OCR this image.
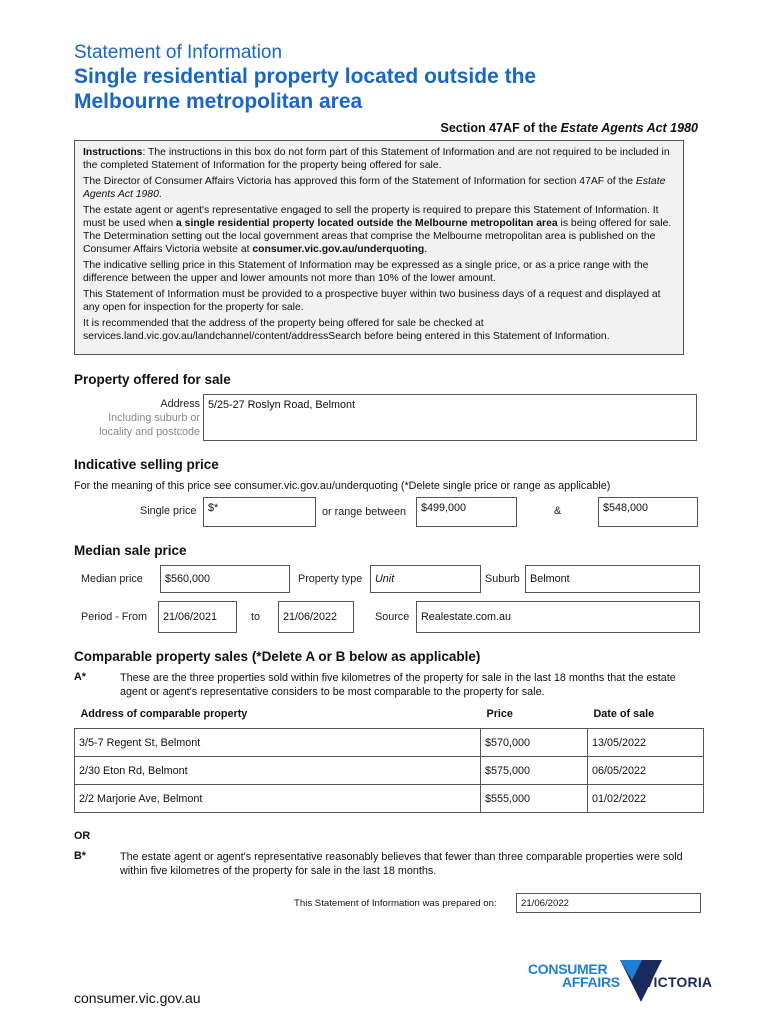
Statement of Information
Single residential property located outside the
Melbourne metropolitan area
Section 47AF of the Estate Agents Act 1980

Instructions: The instructions in this box do not form part of this Statement of Information and are not required to be included in the completed Statement of Information for the property being offered for sale.

The Director of Consumer Affairs Victoria has approved this form of the Statement of Information for section 47AF of the Estate Agents Act 1980.

The estate agent or agent's representative engaged to sell the property is required to prepare this Statement of Information. It must be used when a single residential property located outside the Melbourne metropolitan area is being offered for sale. The Determination setting out the local government areas that comprise the Melbourne metropolitan area is published on the Consumer Affairs Victoria website at consumer.vic.gov.au/underquoting.

The indicative selling price in this Statement of Information may be expressed as a single price, or as a price range with the difference between the upper and lower amounts not more than 10% of the lower amount.

This Statement of Information must be provided to a prospective buyer within two business days of a request and displayed at any open for inspection for the property for sale.

It is recommended that the address of the property being offered for sale be checked at services.land.vic.gov.au/landchannel/content/addressSearch before being entered in this Statement of Information.

Property offered for sale
Address
Including suburb or
locality and postcode
5/25-27 Roslyn Road, Belmont
Indicative selling price
For the meaning of this price see consumer.vic.gov.au/underquoting (*Delete single price or range as applicable)
Single price	$*	or range between	$499,000	&	$548,000
Median sale price
Median price	$560,000	Property type	Unit	Suburb Belmont
Period - From	21/06/2021	to	21/06/2022	Source	Realestate.com.au
Comparable property sales (*Delete A or B below as applicable)
A*	These are the three properties sold within five kilometres of the property for sale in the last 18 months that the estate agent or agent's representative considers to be most comparable to the property for sale.
Address of comparable property	Price	Date of sale
3/5-7 Regent St, Belmont	$570,000	13/05/2022
2/30 Eton Rd, Belmont	$575,000	06/05/2022
2/2 Marjorie Ave, Belmont	$555,000	01/02/2022
OR
B*	The estate agent or agent's representative reasonably believes that fewer than three comparable properties were sold within five kilometres of the property for sale in the last 18 months.
This Statement of Information was prepared on:	21/06/2022
CONSUMER
AFFAIRS VICTORIA
consumer.vic.gov.au
